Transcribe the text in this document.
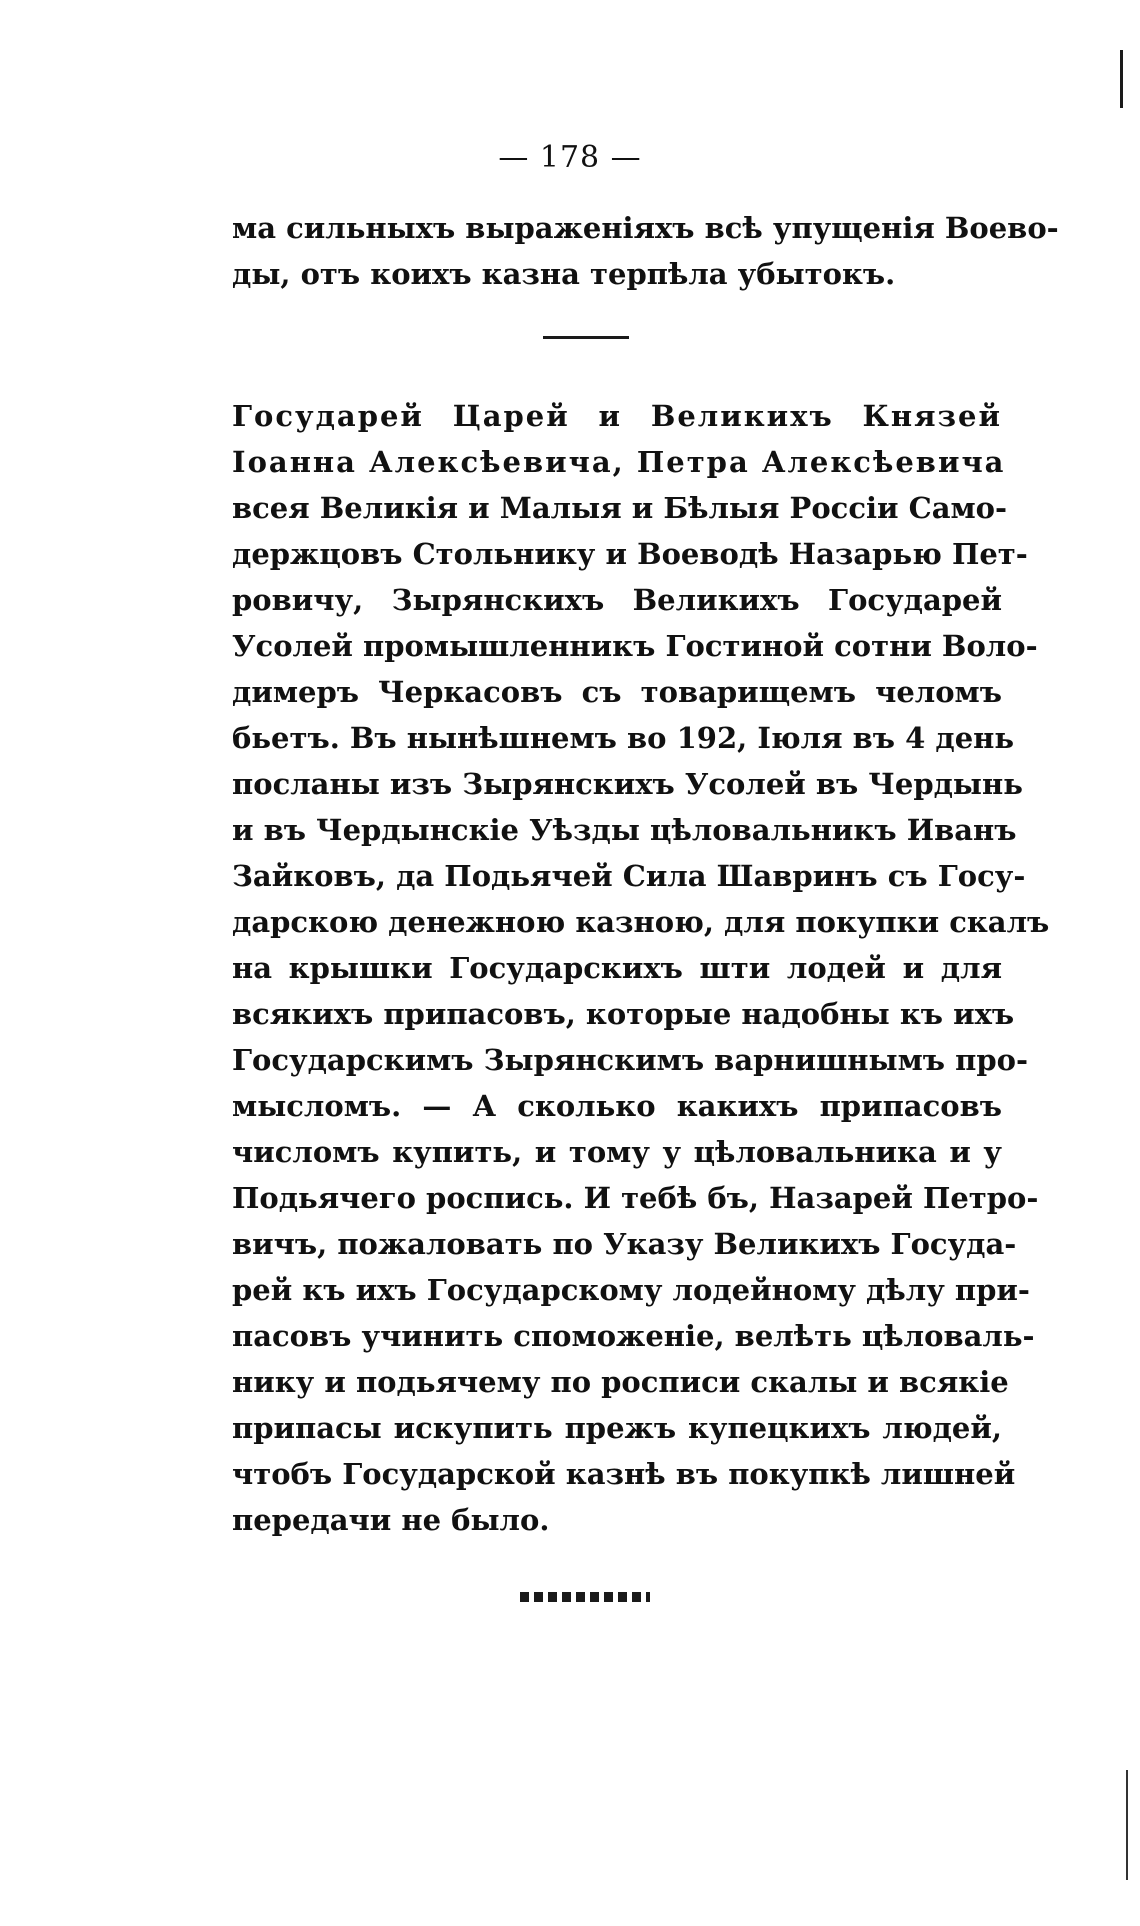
— 178 —
ма сильныхъ выраженіяхъ всѣ упущенія Воево-
ды, отъ коихъ казна терпѣла убытокъ.
Государей Царей и Великихъ Князей
Іоанна Алексѣевича, Петра Алексѣевича
всея Великія и Малыя и Бѣлыя Россіи Само-
держцовъ Стольнику и Воеводѣ Назарью Пет-
ровичу, Зырянскихъ Великихъ Государей
Усолей промышленникъ Гостиной сотни Воло-
димеръ Черкасовъ съ товарищемъ челомъ
бьетъ. Въ нынѣшнемъ во 192, Іюля въ 4 день
посланы изъ Зырянскихъ Усолей въ Чердынь
и въ Чердынскіе Уѣзды цѣловальникъ Иванъ
Зайковъ, да Подьячей Сила Шавринъ съ Госу-
дарскою денежною казною, для покупки скалъ
на крышки Государскихъ шти лодей и для
всякихъ припасовъ, которые надобны къ ихъ
Государскимъ Зырянскимъ варнишнымъ про-
мысломъ. — А сколько какихъ припасовъ
числомъ купить, и тому у цѣловальника и у
Подьячего роспись. И тебѣ бъ, Назарей Петро-
вичъ, пожаловать по Указу Великихъ Госуда-
рей къ ихъ Государскому лодейному дѣлу при-
пасовъ учинить споможеніе, велѣть цѣловаль-
нику и подьячему по росписи скалы и всякіе
припасы искупить прежъ купецкихъ людей,
чтобъ Государской казнѣ въ покупкѣ лишней
передачи не было.
